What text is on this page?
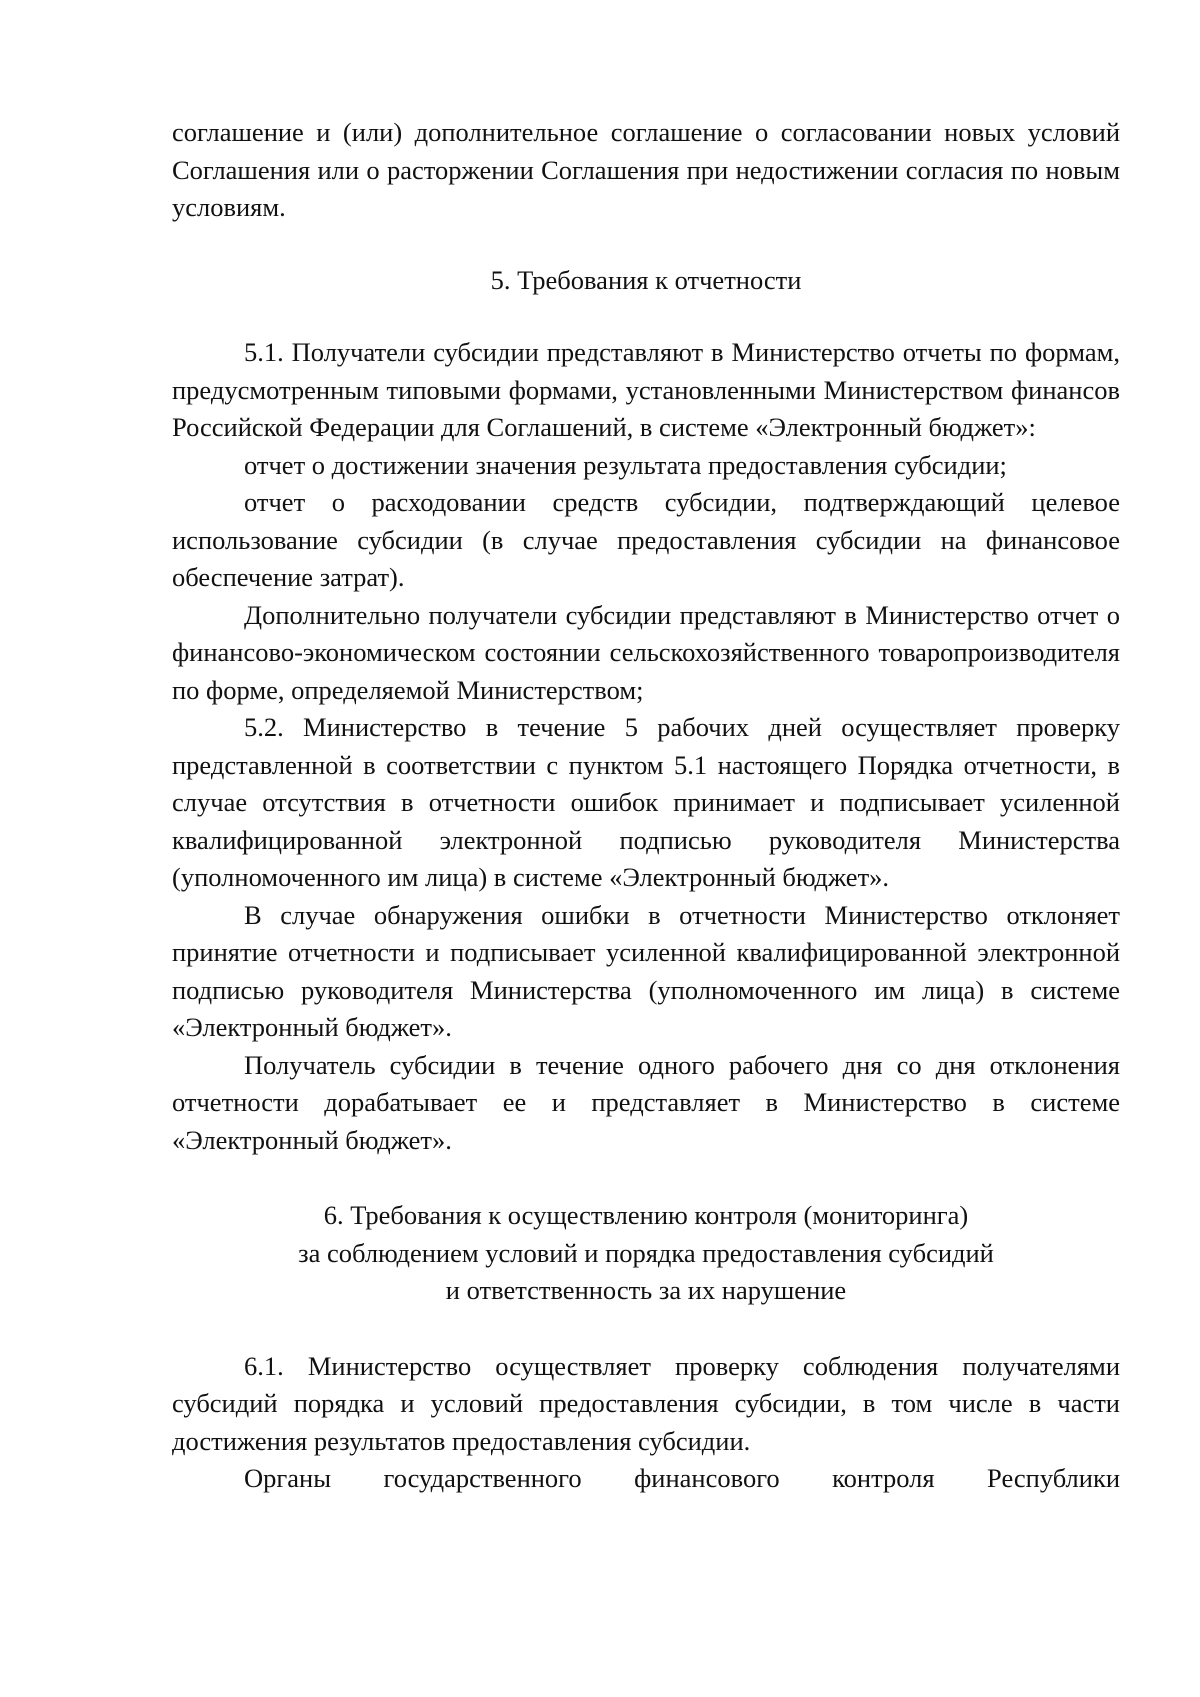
соглашение и (или) дополнительное соглашение о согласовании новых условий Соглашения или о расторжении Соглашения при недостижении согласия по новым условиям.

5. Требования к отчетности

5.1. Получатели субсидии представляют в Министерство отчеты по формам, предусмотренным типовыми формами, установленными Министерством финансов Российской Федерации для Соглашений, в системе «Электронный бюджет»:

отчет о достижении значения результата предоставления субсидии;

отчет о расходовании средств субсидии, подтверждающий целевое использование субсидии (в случае предоставления субсидии на финансовое обеспечение затрат).

Дополнительно получатели субсидии представляют в Министерство отчет о финансово-экономическом состоянии сельскохозяйственного товаропроизводителя по форме, определяемой Министерством;

5.2. Министерство в течение 5 рабочих дней осуществляет проверку представленной в соответствии с пунктом 5.1 настоящего Порядка отчетности, в случае отсутствия в отчетности ошибок принимает и подписывает усиленной квалифицированной электронной подписью руководителя Министерства (уполномоченного им лица) в системе «Электронный бюджет».

В случае обнаружения ошибки в отчетности Министерство отклоняет принятие отчетности и подписывает усиленной квалифицированной электронной подписью руководителя Министерства (уполномоченного им лица) в системе «Электронный бюджет».

Получатель субсидии в течение одного рабочего дня со дня отклонения отчетности дорабатывает ее и представляет в Министерство в системе «Электронный бюджет».

6. Требования к осуществлению контроля (мониторинга)
за соблюдением условий и порядка предоставления субсидий
и ответственность за их нарушение

6.1. Министерство осуществляет проверку соблюдения получателями субсидий порядка и условий предоставления субсидии, в том числе в части достижения результатов предоставления субсидии.

Органы государственного финансового контроля Республики
